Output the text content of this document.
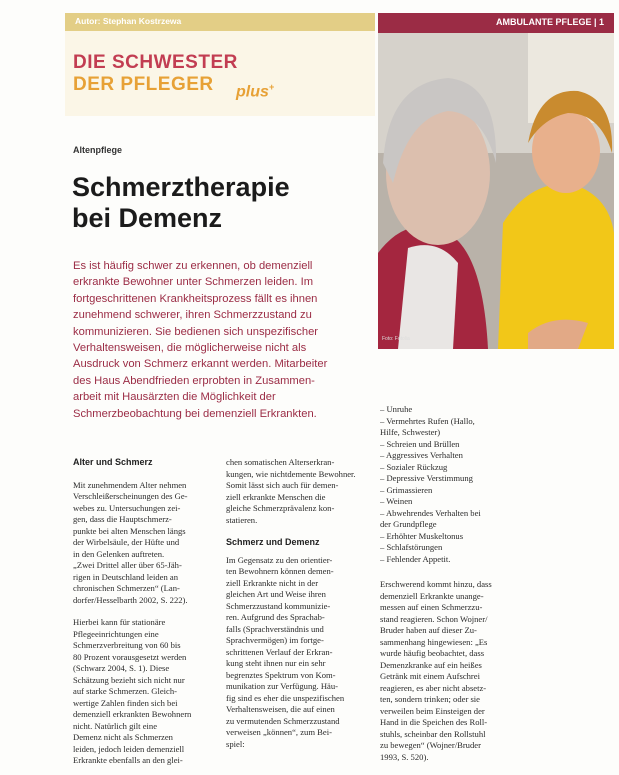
Autor: Stephan Kostrzewa
DIE SCHWESTER
DER PFLEGER plus+
AMBULANTE PFLEGE | 1
Foto: Fotolia
Altenpflege
Schmerztherapie
bei Demenz
Es ist häufig schwer zu erkennen, ob demenziell
erkrankte Bewohner unter Schmerzen leiden. Im
fortgeschrittenen Krankheitsprozess fällt es ihnen
zunehmend schwerer, ihren Schmerzzustand zu
kommunizieren. Sie bedienen sich unspezifischer
Verhaltensweisen, die möglicherweise nicht als
Ausdruck von Schmerz erkannt werden. Mitarbeiter
des Haus Abendfrieden erprobten in Zusammen-
arbeit mit Hausärzten die Möglichkeit der
Schmerzbeobachtung bei demenziell Erkrankten.
Alter und Schmerz
Mit zunehmendem Alter nehmen
Verschleißerscheinungen des Ge-
webes zu. Untersuchungen zei-
gen, dass die Hauptschmerz-
punkte bei alten Menschen längs
der Wirbelsäule, der Hüfte und
in den Gelenken auftreten.
„Zwei Drittel aller über 65-Jäh-
rigen in Deutschland leiden an
chronischen Schmerzen“ (Lan-
dorfer/Hesselbarth 2002, S. 222).
Hierbei kann für stationäre
Pflegeeinrichtungen eine
Schmerzverbreitung von 60 bis
80 Prozent vorausgesetzt werden
(Schwarz 2004, S. 1). Diese
Schätzung bezieht sich nicht nur
auf starke Schmerzen. Gleich-
wertige Zahlen finden sich bei
demenziell erkrankten Bewohnern
nicht. Natürlich gilt eine
Demenz nicht als Schmerzen
leiden, jedoch leiden demenziell
Erkrankte ebenfalls an den glei-
chen somatischen Alterserkran-
kungen, wie nichtdemente Bewohner.
Somit lässt sich auch für demen-
ziell erkrankte Menschen die
gleiche Schmerzprävalenz kon-
statieren.
Schmerz und Demenz
Im Gegensatz zu den orientier-
ten Bewohnern können demen-
ziell Erkrankte nicht in der
gleichen Art und Weise ihren
Schmerzzustand kommunizie-
ren. Aufgrund des Sprachab-
falls (Sprachverständnis und
Sprachvermögen) im fortge-
schrittenen Verlauf der Erkran-
kung steht ihnen nur ein sehr
begrenztes Spektrum von Kom-
munikation zur Verfügung. Häu-
fig sind es eher die unspezifischen
Verhaltensweisen, die auf einen
zu vermutenden Schmerzzustand
verweisen „können“, zum Bei-
spiel:
– Unruhe
– Vermehrtes Rufen (Hallo,
Hilfe, Schwester)
– Schreien und Brüllen
– Aggressives Verhalten
– Sozialer Rückzug
– Depressive Verstimmung
– Grimassieren
– Weinen
– Abwehrendes Verhalten bei
der Grundpflege
– Erhöhter Muskeltonus
– Schlafstörungen
– Fehlender Appetit.
Erschwerend kommt hinzu, dass
demenziell Erkrankte unange-
messen auf einen Schmerzzu-
stand reagieren. Schon Wojner/
Bruder haben auf dieser Zu-
sammenhang hingewiesen: „Es
wurde häufig beobachtet, dass
Demenzkranke auf ein heißes
Getränk mit einem Aufschrei
reagieren, es aber nicht absetz-
ten, sondern trinken; oder sie
verweilen beim Einsteigen der
Hand in die Speichen des Roll-
stuhls, scheinbar den Rollstuhl
zu bewegen“ (Wojner/Bruder
1993, S. 520).
